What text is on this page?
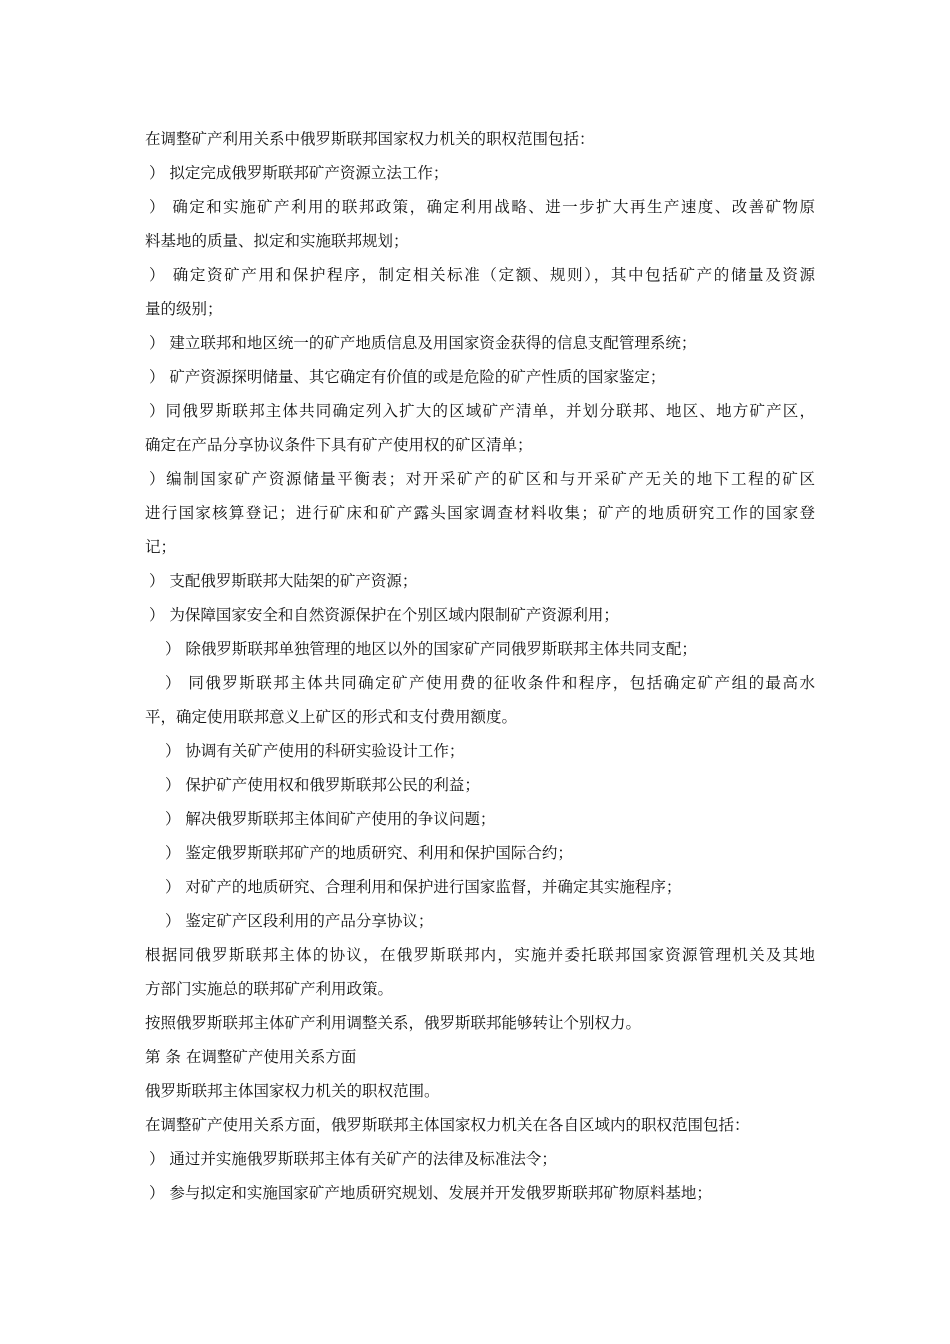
在调整矿产利用关系中俄罗斯联邦国家权力机关的职权范围包括：
） 拟定完成俄罗斯联邦矿产资源立法工作；
） 确定和实施矿产利用的联邦政策，确定利用战略、进一步扩大再生产速度、改善矿物原
料基地的质量、拟定和实施联邦规划；
） 确定资矿产用和保护程序，制定相关标准（定额、规则），其中包括矿产的储量及资源
量的级别；
） 建立联邦和地区统一的矿产地质信息及用国家资金获得的信息支配管理系统；
） 矿产资源探明储量、其它确定有价值的或是危险的矿产性质的国家鉴定；
）同俄罗斯联邦主体共同确定列入扩大的区域矿产清单，并划分联邦、地区、地方矿产区，
确定在产品分享协议条件下具有矿产使用权的矿区清单；
）编制国家矿产资源储量平衡表；对开采矿产的矿区和与开采矿产无关的地下工程的矿区
进行国家核算登记；进行矿床和矿产露头国家调查材料收集；矿产的地质研究工作的国家登
记；
） 支配俄罗斯联邦大陆架的矿产资源；
） 为保障国家安全和自然资源保护在个别区域内限制矿产资源利用；
） 除俄罗斯联邦单独管理的地区以外的国家矿产同俄罗斯联邦主体共同支配；
） 同俄罗斯联邦主体共同确定矿产使用费的征收条件和程序，包括确定矿产组的最高水
平，确定使用联邦意义上矿区的形式和支付费用额度。
） 协调有关矿产使用的科研实验设计工作；
） 保护矿产使用权和俄罗斯联邦公民的利益；
） 解决俄罗斯联邦主体间矿产使用的争议问题；
） 鉴定俄罗斯联邦矿产的地质研究、利用和保护国际合约；
） 对矿产的地质研究、合理利用和保护进行国家监督，并确定其实施程序；
） 鉴定矿产区段利用的产品分享协议；
根据同俄罗斯联邦主体的协议，在俄罗斯联邦内，实施并委托联邦国家资源管理机关及其地
方部门实施总的联邦矿产利用政策。
按照俄罗斯联邦主体矿产利用调整关系，俄罗斯联邦能够转让个别权力。
第 条 在调整矿产使用关系方面
俄罗斯联邦主体国家权力机关的职权范围。
在调整矿产使用关系方面，俄罗斯联邦主体国家权力机关在各自区域内的职权范围包括：
） 通过并实施俄罗斯联邦主体有关矿产的法律及标准法令；
） 参与拟定和实施国家矿产地质研究规划、发展并开发俄罗斯联邦矿物原料基地；
